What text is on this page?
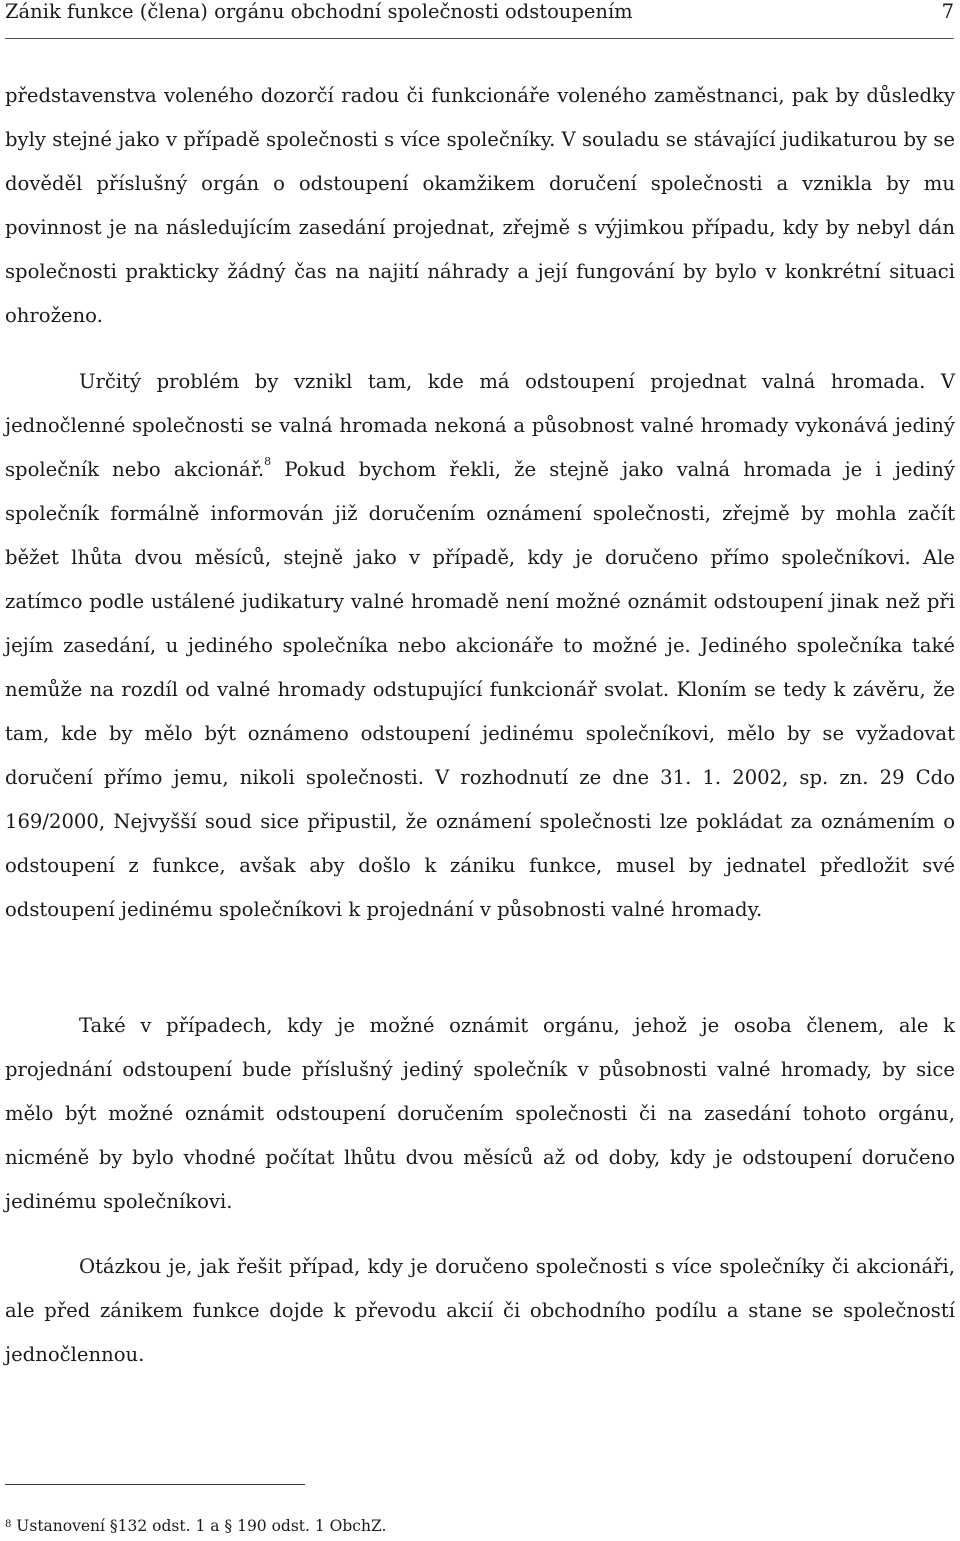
Zánik funkce (člena) orgánu obchodní společnosti odstoupením	7

představenstva voleného dozorčí radou či funkcionáře voleného zaměstnanci, pak by důsledky byly stejné jako v případě společnosti s více společníky. V souladu se stávající judikaturou by se dověděl příslušný orgán o odstoupení okamžikem doručení společnosti a vznikla by mu povinnost je na následujícím zasedání projednat, zřejmě s výjimkou případu, kdy by nebyl dán společnosti prakticky žádný čas na najití náhrady a její fungování by bylo v konkrétní situaci ohroženo.

Určitý problém by vznikl tam, kde má odstoupení projednat valná hromada. V jednočlenné společnosti se valná hromada nekoná a působnost valné hromady vykonává jediný společník nebo akcionář.$^8$ Pokud bychom řekli, že stejně jako valná hromada je i jediný společník formálně informován již doručením oznámení společnosti, zřejmě by mohla začít běžet lhůta dvou měsíců, stejně jako v případě, kdy je doručeno přímo společníkovi. Ale zatímco podle ustálené judikatury valné hromadě není možné oznámit odstoupení jinak než při jejím zasedání, u jediného společníka nebo akcionáře to možné je. Jediného společníka také nemůže na rozdíl od valné hromady odstupující funkcionář svolat. Kloním se tedy k závěru, že tam, kde by mělo být oznámeno odstoupení jedinému společníkovi, mělo by se vyžadovat doručení přímo jemu, nikoli společnosti. V rozhodnutí ze dne 31. 1. 2002, sp. zn. 29 Cdo 169/2000, Nejvyšší soud sice připustil, že oznámení společnosti lze pokládat za oznámením o odstoupení z funkce, avšak aby došlo k zániku funkce, musel by jednatel předložit své odstoupení jedinému společníkovi k projednání v působnosti valné hromady.

Také v případech, kdy je možné oznámit orgánu, jehož je osoba členem, ale k projednání odstoupení bude příslušný jediný společník v působnosti valné hromady, by sice mělo být možné oznámit odstoupení doručením společnosti či na zasedání tohoto orgánu, nicméně by bylo vhodné počítat lhůtu dvou měsíců až od doby, kdy je odstoupení doručeno jedinému společníkovi.

Otázkou je, jak řešit případ, kdy je doručeno společnosti s více společníky či akcionáři, ale před zánikem funkce dojde k převodu akcií či obchodního podílu a stane se společností jednočlennou.

$^8$ Ustanovení §132 odst. 1 a § 190 odst. 1 ObchZ.
